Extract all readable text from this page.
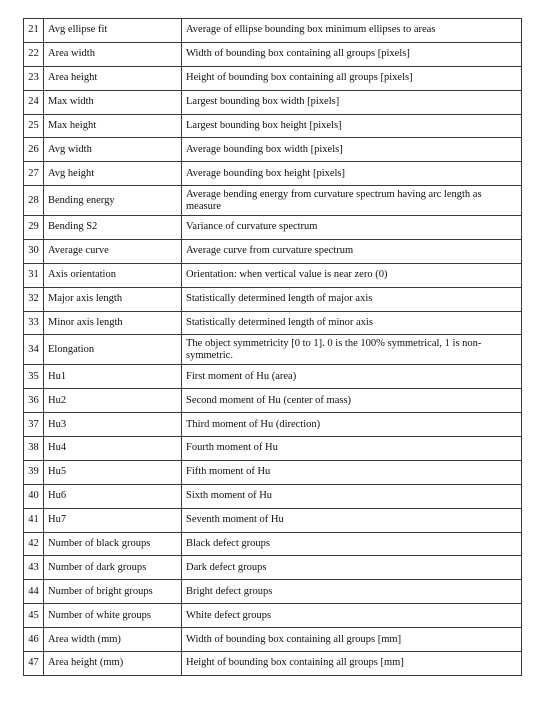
21	Avg ellipse fit	Average of ellipse bounding box minimum ellipses to areas
22	Area width	Width of bounding box containing all groups [pixels]
23	Area height	Height of bounding box containing all groups [pixels]
24	Max width	Largest bounding box width [pixels]
25	Max height	Largest bounding box height [pixels]
26	Avg width	Average bounding box width [pixels]
27	Avg height	Average bounding box height [pixels]
28	Bending energy	Average bending energy from curvature spectrum having arc length as measure
29	Bending S2	Variance of curvature spectrum
30	Average curve	Average curve from curvature spectrum
31	Axis orientation	Orientation: when vertical value is near zero (0)
32	Major axis length	Statistically determined length of major axis
33	Minor axis length	Statistically determined length of minor axis
34	Elongation	The object symmetricity [0 to 1]. 0 is the 100% symmetrical, 1 is non-symmetric.
35	Hu1	First moment of Hu (area)
36	Hu2	Second moment of Hu (center of mass)
37	Hu3	Third moment of Hu (direction)
38	Hu4	Fourth moment of Hu
39	Hu5	Fifth moment of Hu
40	Hu6	Sixth moment of Hu
41	Hu7	Seventh moment of Hu
42	Number of black groups	Black defect groups
43	Number of dark groups	Dark defect groups
44	Number of bright groups	Bright defect groups
45	Number of white groups	White defect groups
46	Area width (mm)	Width of bounding box containing all groups [mm]
47	Area height (mm)	Height of bounding box containing all groups [mm]
